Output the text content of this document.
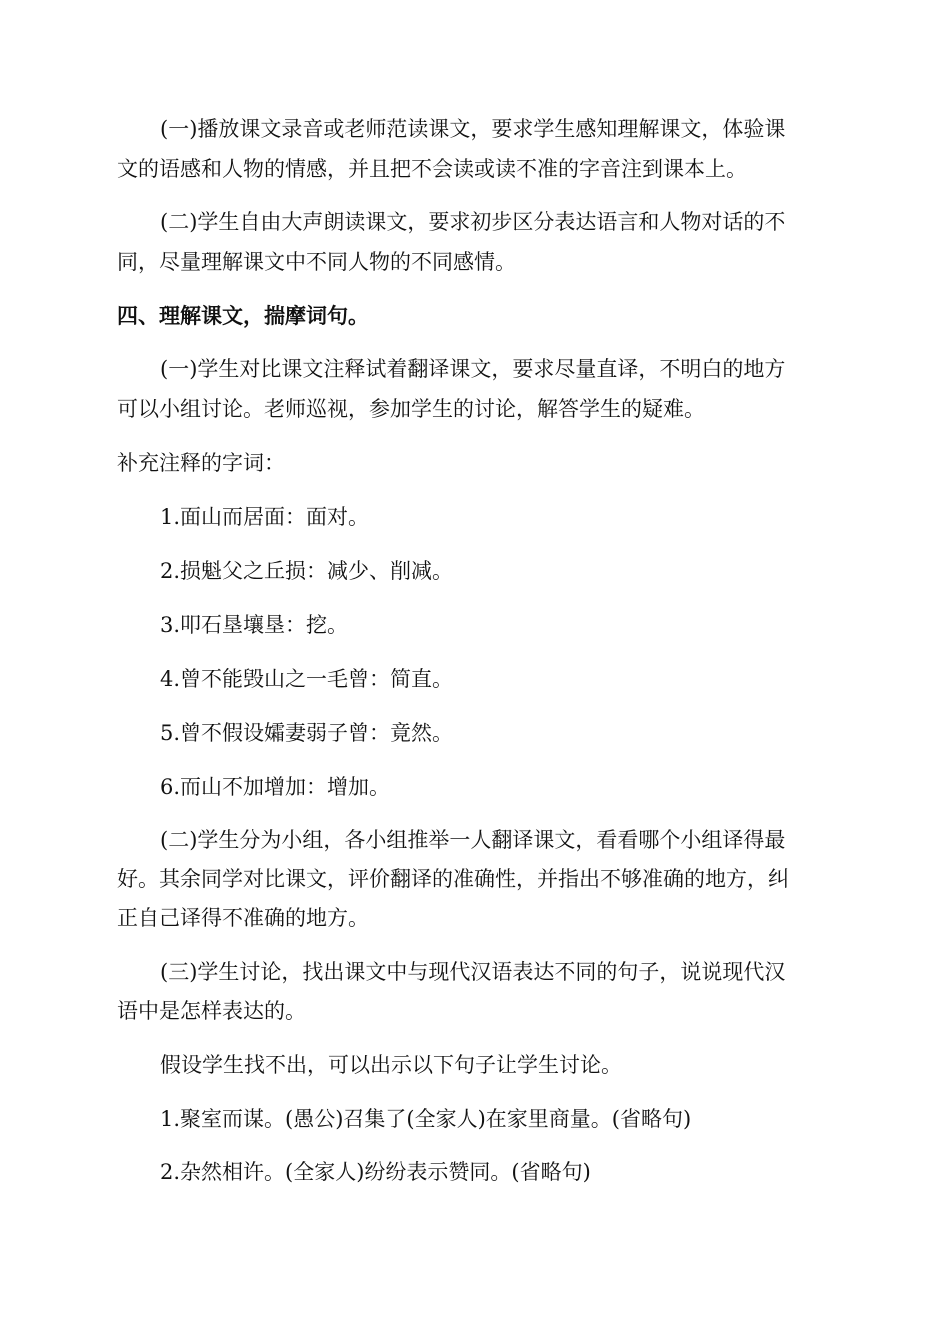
(一)播放课文录音或老师范读课文，要求学生感知理解课文，体验课

文的语感和人物的情感，并且把不会读或读不准的字音注到课本上。

(二)学生自由大声朗读课文，要求初步区分表达语言和人物对话的不

同，尽量理解课文中不同人物的不同感情。

四、理解课文，揣摩词句。

(一)学生对比课文注释试着翻译课文，要求尽量直译，不明白的地方

可以小组讨论。老师巡视，参加学生的讨论，解答学生的疑难。

补充注释的字词：

1.面山而居面：面对。

2.损魁父之丘损：减少、削减。

3.叩石垦壤垦：挖。

4.曾不能毁山之一毛曾：简直。

5.曾不假设孀妻弱子曾：竟然。

6.而山不加增加：增加。

(二)学生分为小组，各小组推举一人翻译课文，看看哪个小组译得最

好。其余同学对比课文，评价翻译的准确性，并指出不够准确的地方，纠

正自己译得不准确的地方。

(三)学生讨论，找出课文中与现代汉语表达不同的句子，说说现代汉

语中是怎样表达的。

假设学生找不出，可以出示以下句子让学生讨论。

1.聚室而谋。(愚公)召集了(全家人)在家里商量。(省略句)

2.杂然相许。(全家人)纷纷表示赞同。(省略句)
